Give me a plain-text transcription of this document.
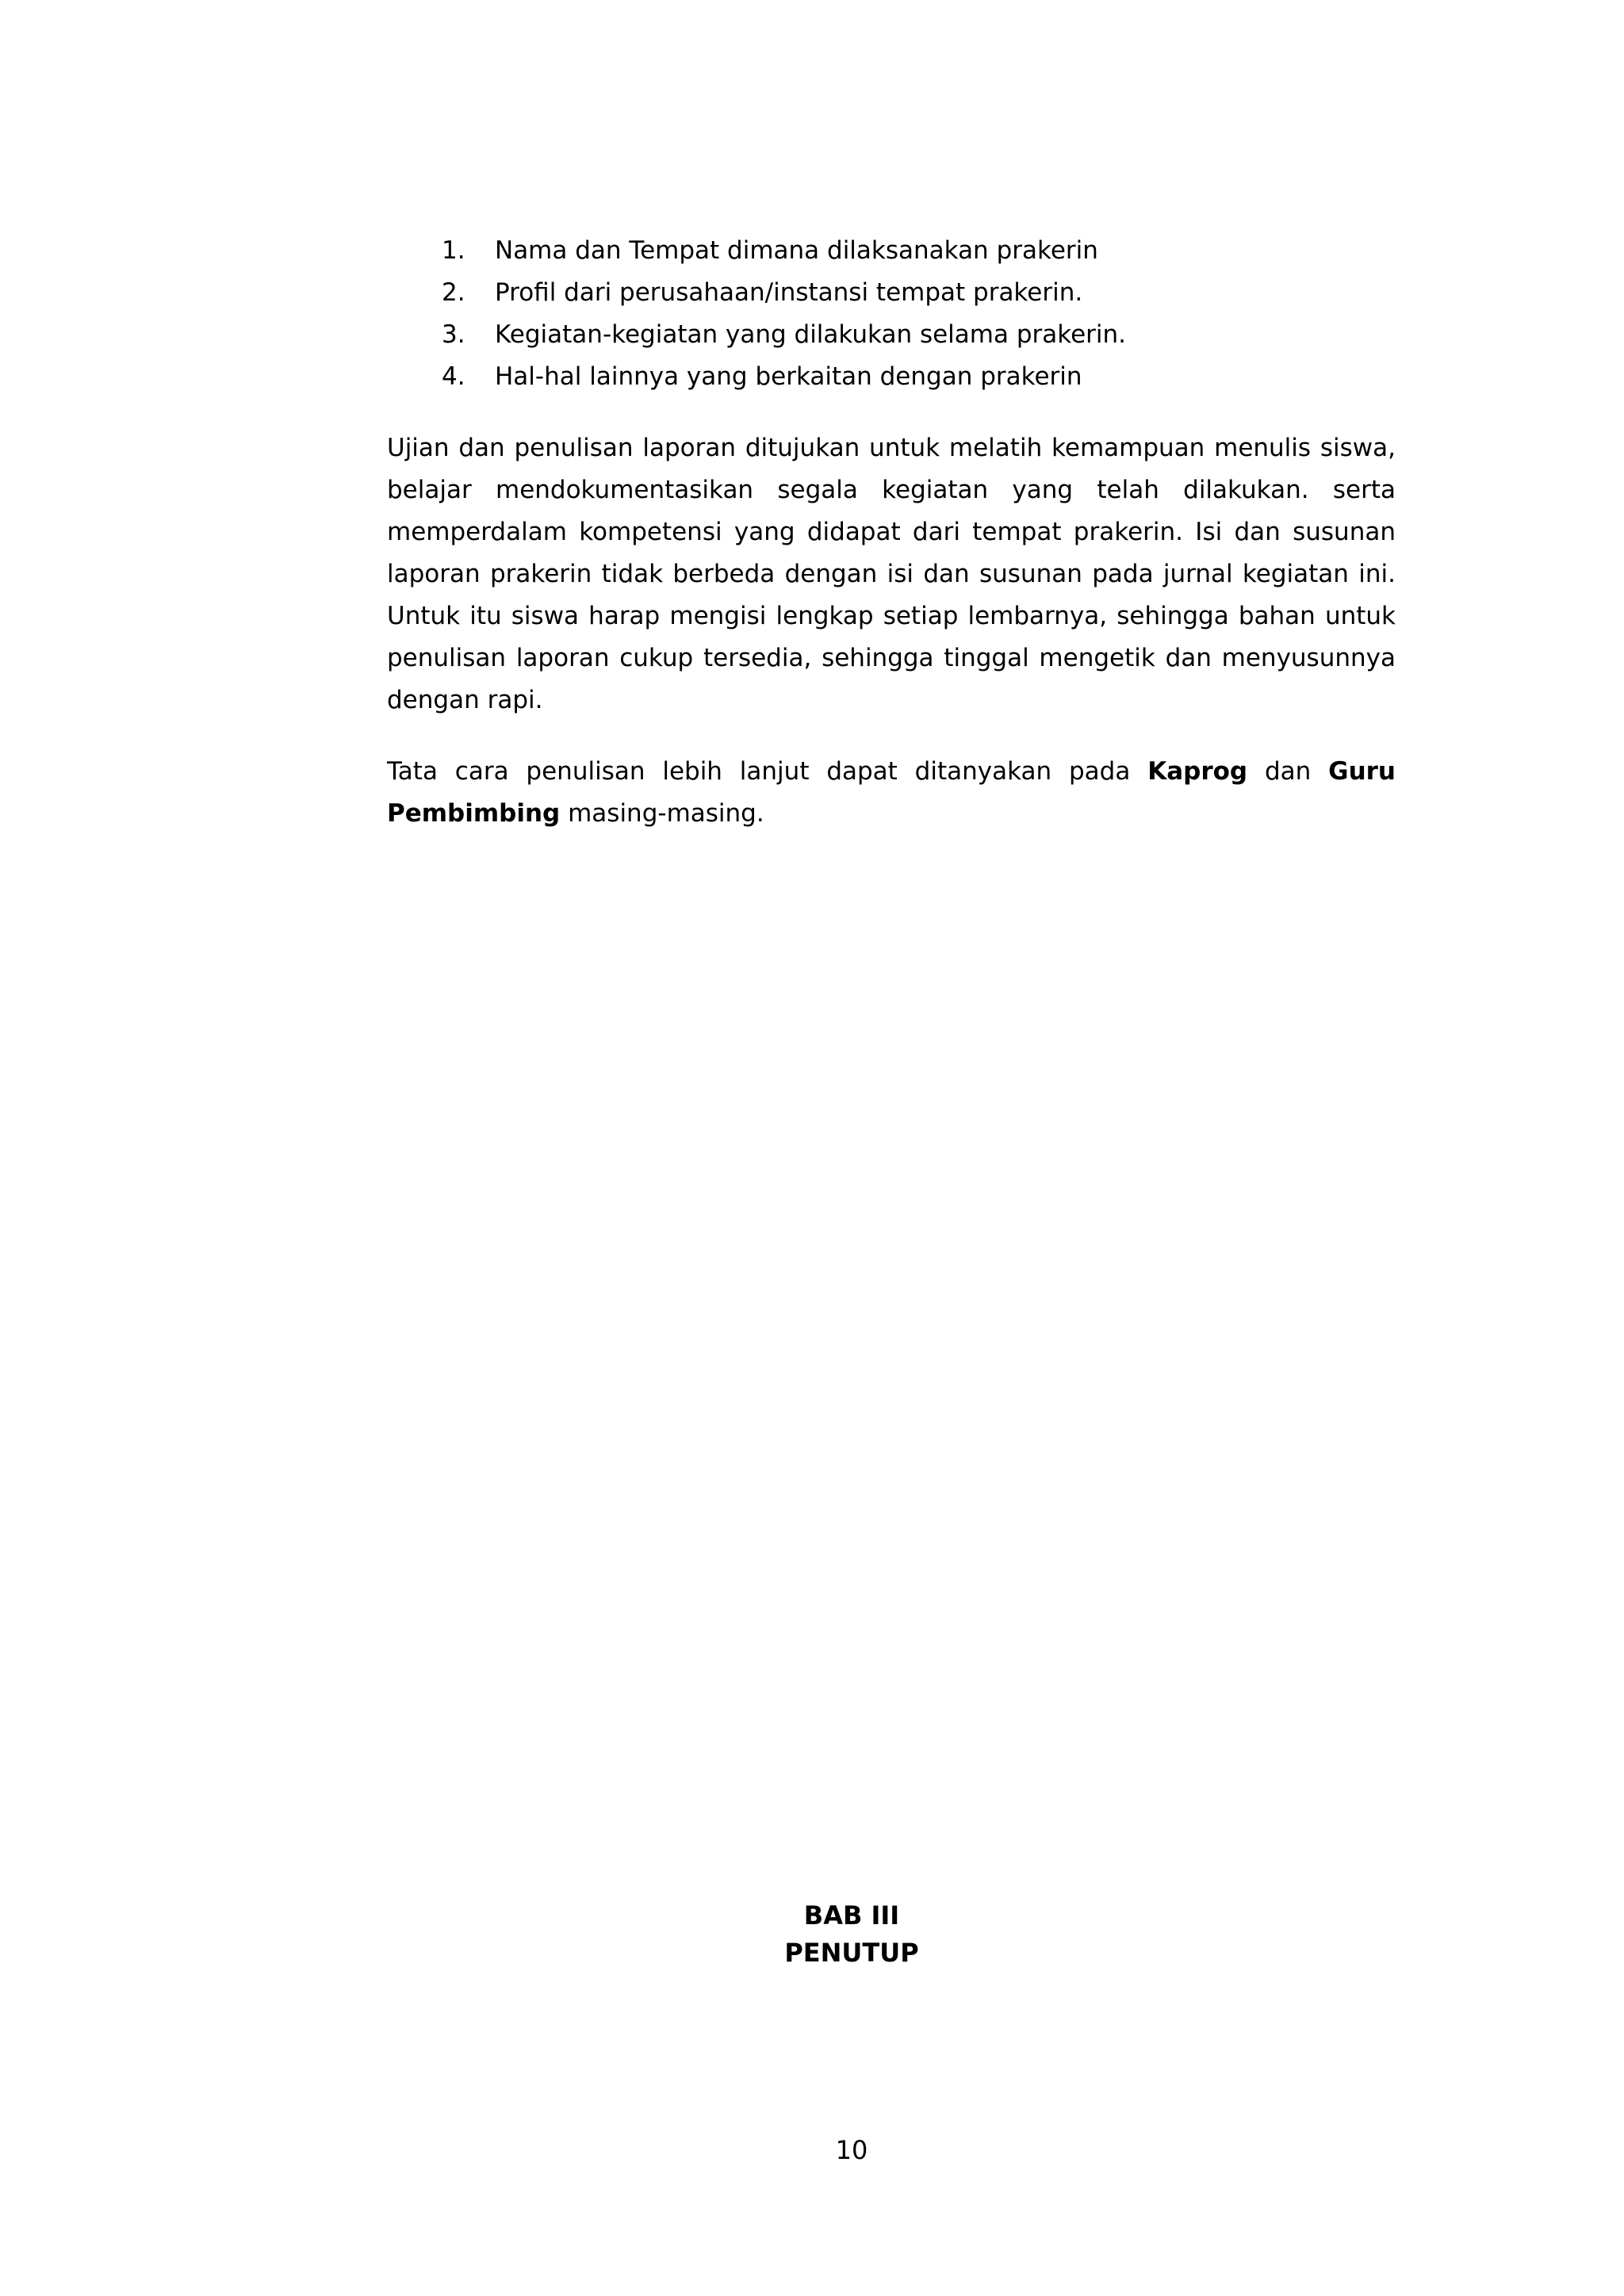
1.	Nama dan Tempat dimana dilaksanakan prakerin
2.	Profil dari perusahaan/instansi tempat prakerin.
3.	Kegiatan-kegiatan yang dilakukan selama prakerin.
4.	Hal-hal lainnya yang berkaitan dengan prakerin

Ujian dan penulisan laporan ditujukan untuk melatih kemampuan menulis siswa, belajar mendokumentasikan segala kegiatan yang telah dilakukan. serta memperdalam kompetensi yang didapat dari tempat prakerin. Isi dan susunan laporan prakerin tidak berbeda dengan isi dan susunan pada jurnal kegiatan ini. Untuk itu siswa harap mengisi lengkap setiap lembarnya, sehingga bahan untuk penulisan laporan cukup tersedia, sehingga tinggal mengetik dan menyusunnya dengan rapi.

Tata cara penulisan lebih lanjut dapat ditanyakan pada Kaprog dan Guru Pembimbing masing-masing.

BAB III
PENUTUP
10
